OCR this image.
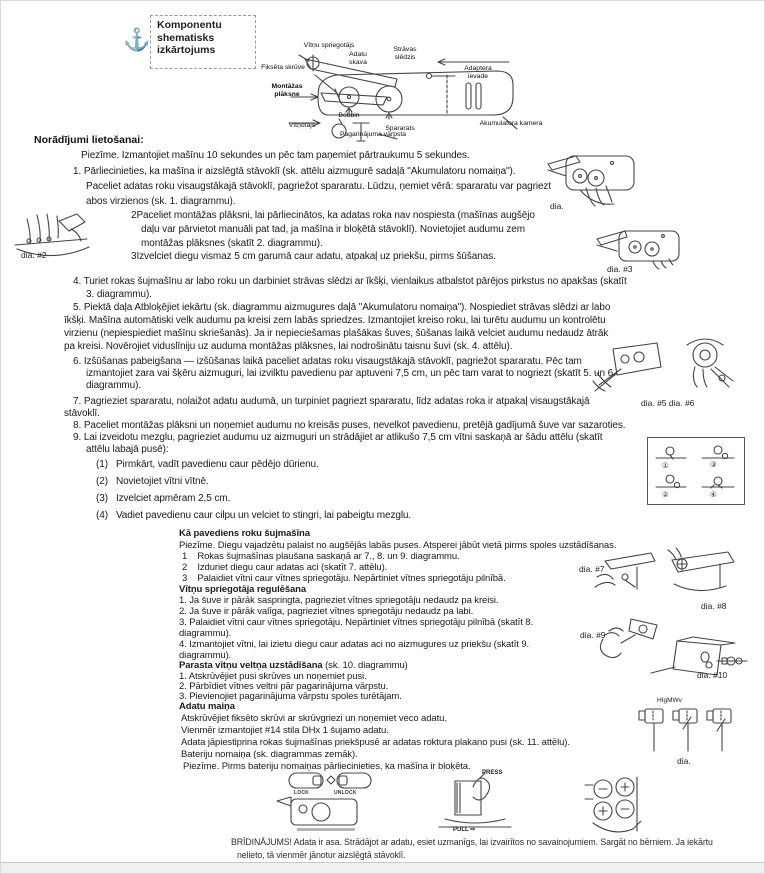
⚓
Komponentu
shematisks
izkārtojums	Vītņu spriegotājs
Adatu skava
Strāvas slēdzis
Fiksēta skrūve
Montāžas plāksne
Bobbin
Adaptera ievade
Akumulatora kamera
Vītņotājs	Spararats
Pagarinājuma vārpsta
Norādījumi lietošanai:
Piezīme. Izmantojiet mašīnu 10 sekundes un pēc tam paņemiet pārtraukumu 5 sekundes.
1. Pārliecinieties, ka mašīna ir aizslēgtā stāvoklī (sk. attēlu aizmugurē sadaļā "Akumulatoru nomaiņa").
Paceliet adatas roku visaugstākajā stāvoklī, pagriežot spararatu. Lūdzu, ņemiet vērā: spararatu var pagriezt
abos virzienos (sk. 1. diagrammu).
2Paceliet montāžas plāksni, lai pārliecinātos, ka adatas roka nav nospiesta (mašīnas augšējo
daļu var pārvietot manuāli pat tad, ja mašīna ir bloķētā stāvoklī). Novietojiet audumu zem
montāžas plāksnes (skatīt 2. diagrammu).
3Izvelciet diegu vismaz 5 cm garumā caur adatu, atpakaļ uz priekšu, pirms šūšanas.
4. Turiet rokas šujmašīnu ar labo roku un darbiniet strāvas slēdzi ar īkšķi, vienlaikus atbalstot pārējos pirkstus no apakšas (skatīt
3. diagrammu).
5. Piektā daļa Atbloķējiet iekārtu (sk. diagrammu aizmugures daļā "Akumulatoru nomaiņa"). Nospiediet strāvas slēdzi ar labo
īkšķi. Mašīna automātiski velk audumu pa kreisi zem labās spriedzes. Izmantojiet kreiso roku, lai turētu audumu un kontrolētu
virzienu (nepiespiediet mašīnu skriešanās). Ja ir nepieciešamas plašākas šuves, šūšanas laikā velciet audumu nedaudz ātrāk
pa kreisi. Novērojiet viduslīniju uz auduma montāžas plāksnes, lai nodrošinātu taisnu šuvi (sk. 4. attēlu).
6. Izšūšanas pabeigšana — izšūšanas laikā paceliet adatas roku visaugstākajā stāvoklī, pagriežot spararatu. Pēc tam
izmantojiet zara vai šķēru aizmuguri, lai izvilktu pavedienu par aptuveni 7,5 cm, un pēc tam varat to nogriezt (skatīt 5. un 6.
diagrammu).
7. Pagrieziet spararatu, nolaižot adatu audumā, un turpiniet pagriezt spararatu, līdz adatas roka ir atpakaļ visaugstākajā
stāvoklī.
8. Paceliet montāžas plāksni un noņemiet audumu no kreisās puses, nevelkot pavedienu, pretējā gadījumā šuve var sazaroties.
9. Lai izveidotu mezglu, pagrieziet audumu uz aizmuguri un strādājiet ar atlikušo 7,5 cm vītni saskaņā ar šādu attēlu (skatīt
attēlu labajā pusē):
(1)   Pirmkārt, vadīt pavedienu caur pēdējo dūrienu.
(2)   Novietojiet vītni vītnē.
(3)   Izvelciet apmēram 2,5 cm.
(4)   Vadiet pavedienu caur cilpu un velciet to stingri, lai pabeigtu mezglu.
Kā pavediens roku šujmašīna
Piezīme. Diegu vajadzētu palaist no augšējās labās puses. Atsperei jābūt vietā pirms spoles uzstādīšanas.
1    Rokas šujmašīnas plaušana saskaņā ar 7., 8. un 9. diagrammu.
2    Izduriet diegu caur adatas aci (skatīt 7. attēlu).
3    Palaidiet vītni caur vītnes spriegotāju. Nepārtiniet vītnes spriegotāju pilnībā.
Vītņu spriegotāja regulēšana
1. Ja šuve ir pārāk saspringta, pagrieziet vītnes spriegotāju nedaudz pa kreisi.
2. Ja šuve ir pārāk valīga, pagrieziet vītnes spriegotāju nedaudz pa labi.
3. Palaidiet vītni caur vītnes spriegotāju. Nepārtiniet vītnes spriegotāju pilnībā (skatīt 8.
diagrammu).
4. Izmantojiet vītni, lai izietu diegu caur adatas aci no aizmugures uz priekšu (skatīt 9.
diagrammu).
Parasta vītņu veltņa uzstādīšana (sk. 10. diagrammu)
1. Atskrūvējiet pusi skrūves un noņemiet pusi.
2. Pārbīdiet vītnes veltni pār pagarinājuma vārpstu.
3. Pievienojiet pagarinājuma vārpstu spoles turētājam.
Adatu maiņa
Atskrūvējiet fiksēto skrūvi ar skrūvgriezi un noņemiet veco adatu.
Vienmēr izmantojiet #14 stila DHx 1 šujamo adatu.
Adata jāpiestiprina rokas šujmašīnas priekšpusē ar adatas roktura plakano pusi (sk. 11. attēlu).
Bateriju nomaiņa (sk. diagrammas zemāk).
Piezīme. Pirms bateriju nomaiņas pārliecinieties, ka mašīna ir bloķēta.
BRĪDINĀJUMS! Adata ir asa. Strādājot ar adatu, esiet uzmanīgs, lai izvairītos no savainojumiem. Sargāt no bērniem. Ja iekārtu
nelieto, tā vienmēr jānotur aizslēgtā stāvoklī.
dia. #2
dia.
dia. #3
dia. #5 dia. #6
①	③
②	④
dia. #7
dia. #8
dia. #9
dia. #10
HIgMWv
dia.
LOCK	UNLOCK
PRESS
PULL ⇨
